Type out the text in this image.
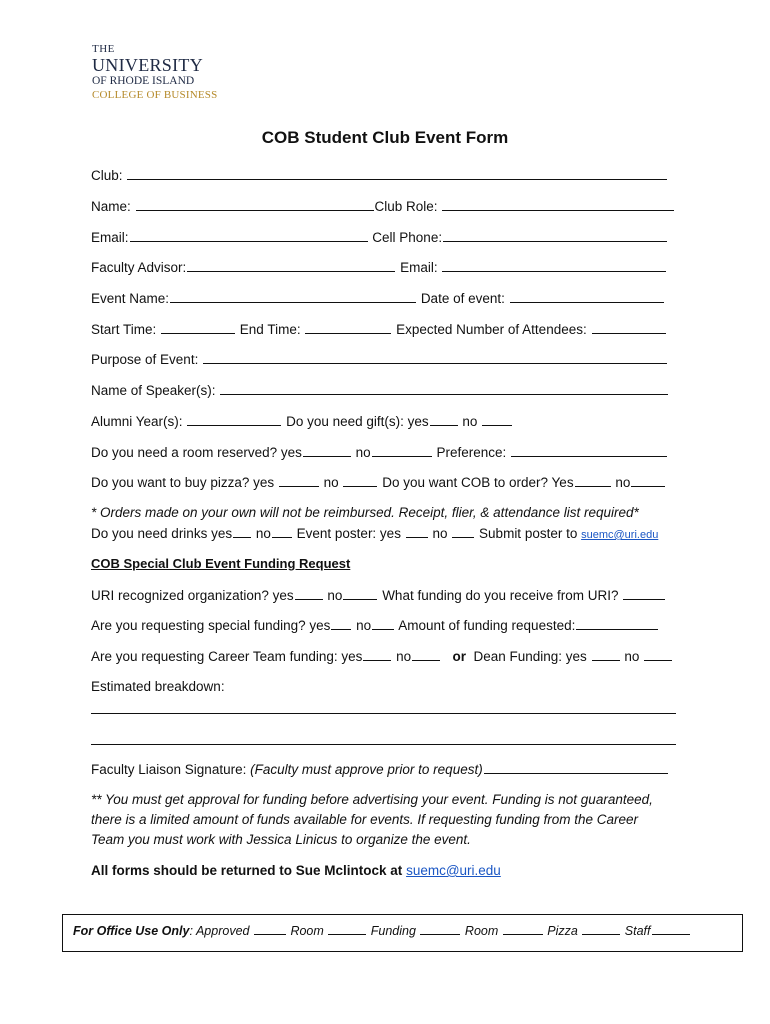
THE
UNIVERSITY
OF RHODE ISLAND
COLLEGE OF BUSINESS
COB Student Club Event Form
Club:
Name:	Club Role:
Email:	Cell Phone:
Faculty Advisor:	Email:
Event Name:	Date of event:
Start Time:	End Time:	Expected Number of Attendees:
Purpose of Event:
Name of Speaker(s):
Alumni Year(s):	Do you need gift(s): yes	no
Do you need a room reserved? yes	no	Preference:
Do you want to buy pizza? yes	no	Do you want COB to order? Yes	no
* Orders made on your own will not be reimbursed. Receipt, flier, & attendance list required*
Do you need drinks yes no Event poster: yes no Submit poster to suemc@uri.edu
COB Special Club Event Funding Request
URI recognized organization? yes	no	What funding do you receive from URI?
Are you requesting special funding? yes no Amount of funding requested:
Are you requesting Career Team funding: yes	no	or Dean Funding: yes	no
Estimated breakdown:
Faculty Liaison Signature: (Faculty must approve prior to request)
** You must get approval for funding before advertising your event. Funding is not guaranteed,
there is a limited amount of funds available for events. If requesting funding from the Career
Team you must work with Jessica Linicus to organize the event.
All forms should be returned to Sue Mclintock at suemc@uri.edu
For Office Use Only: Approved	Room	Funding	Room	Pizza	Staff
